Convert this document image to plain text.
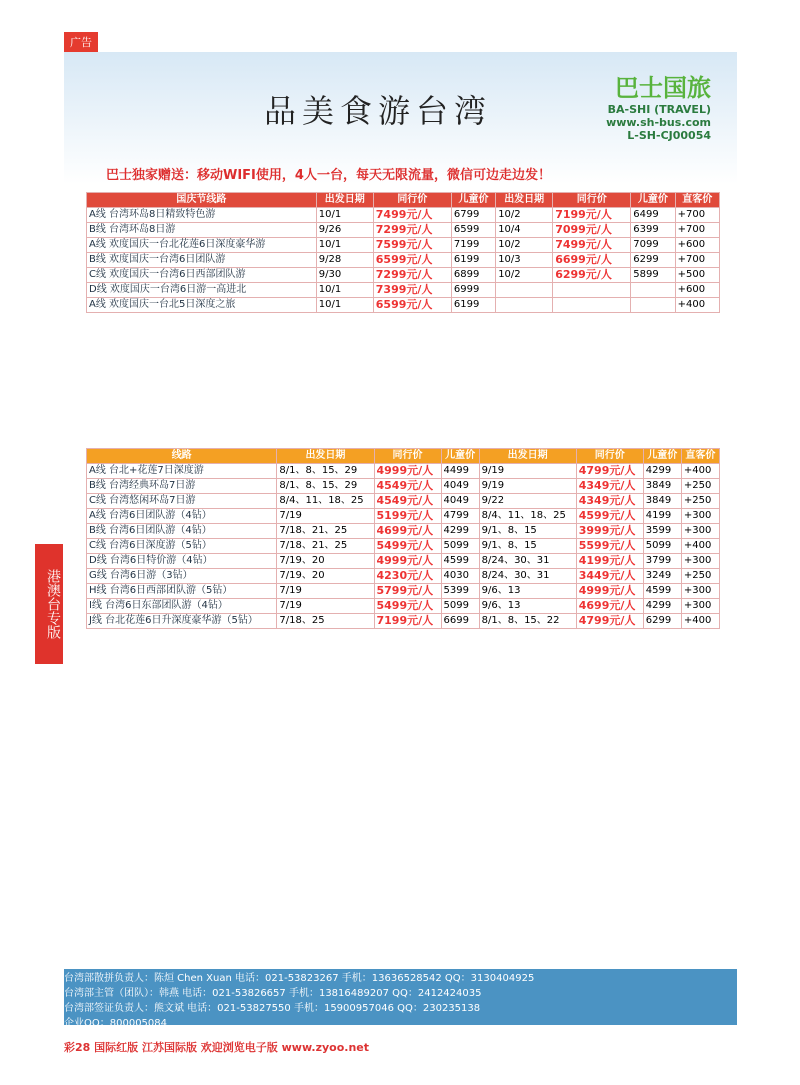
广告
品美食游台湾
巴士国旅
BA-SHI (TRAVEL)
www.sh-bus.com
L-SH-CJ00054
巴士独家赠送：移动WIFI使用，4人一台，每天无限流量，微信可边走边发！
港澳台专版
国庆节线路	出发日期	同行价	儿童价	出发日期	同行价	儿童价	直客价
A线 台湾环岛8日精致特色游	10/1	7499元/人	6799	10/2	7199元/人	6499	+700
B线 台湾环岛8日游	9/26	7299元/人	6599	10/4	7099元/人	6399	+700
A线 欢度国庆一台北花莲6日深度豪华游	10/1	7599元/人	7199	10/2	7499元/人	7099	+600
B线 欢度国庆一台湾6日团队游	9/28	6599元/人	6199	10/3	6699元/人	6299	+700
C线 欢度国庆一台湾6日西部团队游	9/30	7299元/人	6899	10/2	6299元/人	5899	+500
D线 欢度国庆一台湾6日游一高进北	10/1	7399元/人	6999				+600
A线 欢度国庆一台北5日深度之旅	10/1	6599元/人	6199				+400
线路	出发日期	同行价	儿童价	出发日期	同行价	儿童价	直客价
A线 台北+花莲7日深度游	8/1、8、15、29	4999元/人	4499	9/19	4799元/人	4299	+400
B线 台湾经典环岛7日游	8/1、8、15、29	4549元/人	4049	9/19	4349元/人	3849	+250
C线 台湾悠闲环岛7日游	8/4、11、18、25	4549元/人	4049	9/22	4349元/人	3849	+250
A线 台湾6日团队游（4钻）	7/19	5199元/人	4799	8/4、11、18、25	4599元/人	4199	+300
B线 台湾6日团队游（4钻）	7/18、21、25	4699元/人	4299	9/1、8、15	3999元/人	3599	+300
C线 台湾6日深度游（5钻）	7/18、21、25	5499元/人	5099	9/1、8、15	5599元/人	5099	+400
D线 台湾6日特价游（4钻）	7/19、20	4999元/人	4599	8/24、30、31	4199元/人	3799	+300
G线 台湾6日游（3钻）	7/19、20	4230元/人	4030	8/24、30、31	3449元/人	3249	+250
H线 台湾6日西部团队游（5钻）	7/19	5799元/人	5399	9/6、13	4999元/人	4599	+300
I线 台湾6日东部团队游（4钻）	7/19	5499元/人	5099	9/6、13	4699元/人	4299	+300
J线 台北花莲6日升深度豪华游（5钻）	7/18、25	7199元/人	6699	8/1、8、15、22	4799元/人	6299	+400
台湾部散拼负责人：陈烜 Chen Xuan 电话：021-53823267 手机：13636528542 QQ：3130404925
台湾部主管（团队）：韩燕 电话：021-53826657 手机：13816489207 QQ：2412424035
台湾部签证负责人：熊文斌 电话：021-53827550 手机：15900957046 QQ：230235138
企业QQ：800005084
彩28 国际红版 江苏国际版 欢迎浏览电子版 www.zyoo.net
